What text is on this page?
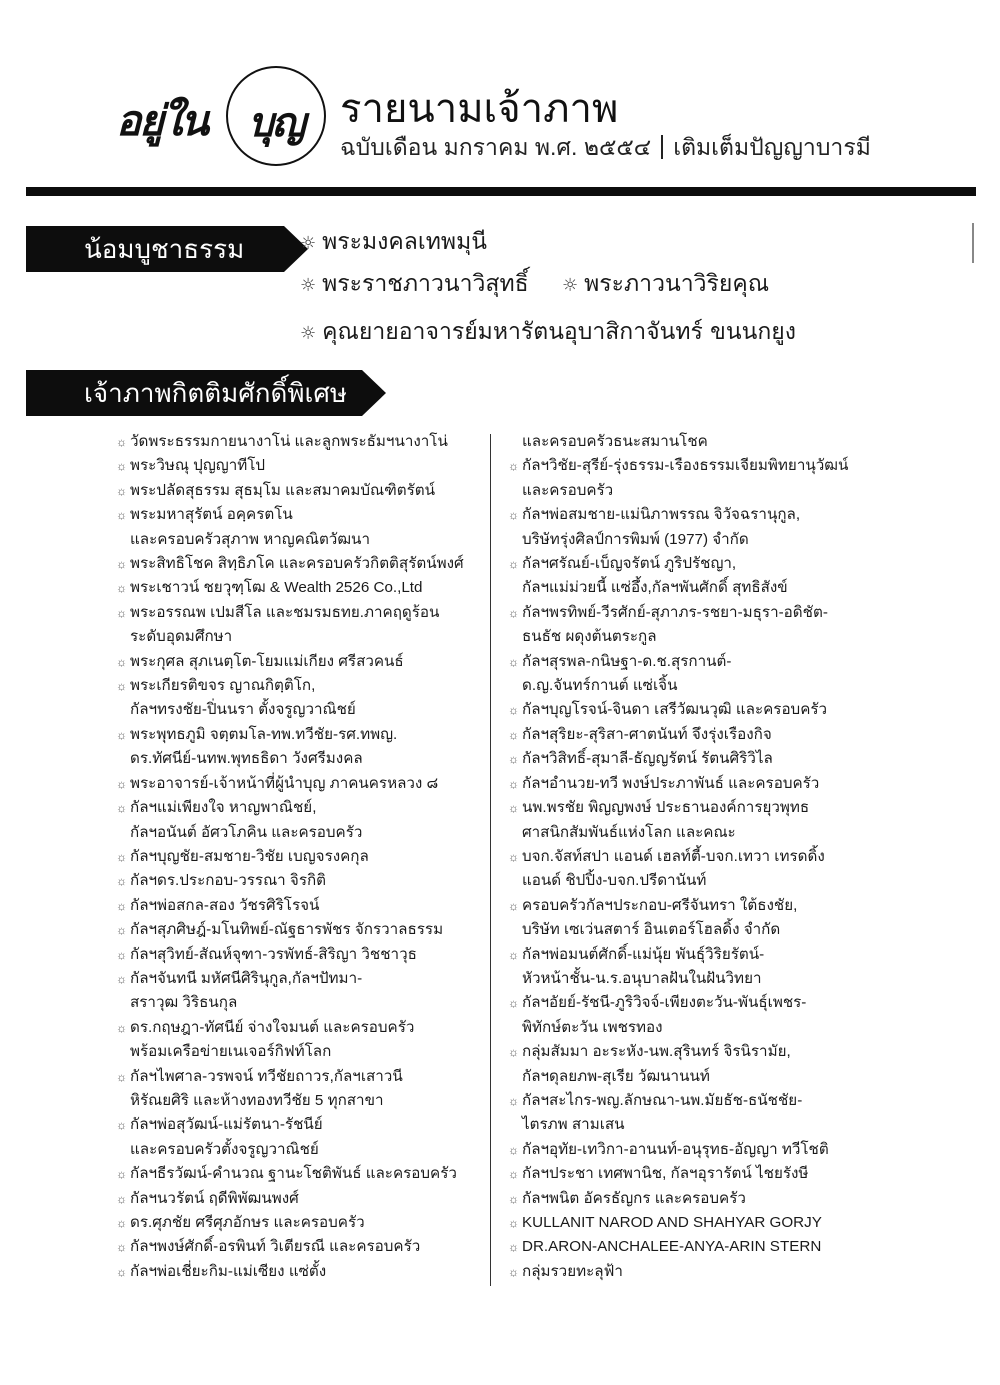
อยู่ใน	บุญ รายนามเจ้าภาพ
ฉบับเดือน มกราคม พ.ศ. ๒๕๕๔ เติมเต็มปัญญาบารมี
น้อมบูชาธรรม	☼ พระมงคลเทพมุนี
☼ พระราชภาวนาวิสุทธิ์ ☼ พระภาวนาวิริยคุณ
☼ คุณยายอาจารย์มหารัตนอุบาสิกาจันทร์ ขนนกยูง
เจ้าภาพกิตติมศักดิ์พิเศษ
☼ วัดพระธรรมกายนางาโน่ และลูกพระธัมฯนางาโน่
☼ พระวิษณุ ปุญญาทีโป
☼ พระปลัดสุธรรม สุธมฺโม และสมาคมบัณฑิตรัตน์
☼ พระมหาสุรัตน์ อคฺครตโน
และครอบครัวสุภาพ หาญคณิตวัฒนา
☼ พระสิทธิโชค สิทฺธิภโค และครอบครัวกิตติสุรัตน์พงศ์
☼ พระเชาวน์ ชยวุฑฺโฒ & Wealth 2526 Co.,Ltd
☼ พระอรรณพ เปมสีโล และชมรมธทย.ภาคฤดูร้อน
ระดับอุดมศึกษา
☼ พระกุศล สุภเนตฺโต-โยมแม่เกียง ศรีสวคนธ์
☼ พระเกียรติขจร ญาณกิตฺติโก,
กัลฯทรงชัย-ปิ่นนรา ตั้งจรูญวาณิชย์
☼ พระพุทธภูมิ จตฺตมโล-ทพ.ทวีชัย-รศ.ทพญ.
ดร.ทัศนีย์-นทพ.พุทธธิดา วังศรีมงคล
☼ พระอาจารย์-เจ้าหน้าที่ผู้นำบุญ ภาคนครหลวง ๘
☼ กัลฯแม่เพียงใจ หาญพาณิชย์,
กัลฯอนันต์ อัศวโภคิน และครอบครัว
☼ กัลฯบุญชัย-สมชาย-วิชัย เบญจรงคกุล
☼ กัลฯดร.ประกอบ-วรรณา จิรกิติ
☼ กัลฯพ่อสกล-สอง วัชรศิริโรจน์
☼ กัลฯสุภศิษฎ์-มโนทิพย์-ณัฐธารพัชร จักรวาลธรรม
☼ กัลฯสุวิทย์-สัณห์จุฑา-วรพัทธ์-สิริญา วิชชาวุธ
☼ กัลฯจันทนี มหัศนีศิรินุกูล,กัลฯปัทมา-
สราวุฒ วิริธนกุล
☼ ดร.กฤษฎา-ทัศนีย์ จ่างใจมนต์ และครอบครัว
พร้อมเครือข่ายเนเจอร์กิฟท์โลก
☼ กัลฯไพศาล-วรพจน์ ทวีชัยถาวร,กัลฯเสาวนี
หิรัณยศิริ และห้างทองทวีชัย 5 ทุกสาขา
☼ กัลฯพ่อสุวัฒน์-แม่รัตนา-รัชนีย์
และครอบครัวตั้งจรูญวาณิชย์
☼ กัลฯธีรวัฒน์-คำนวณ ฐานะโชติพันธ์ และครอบครัว
☼ กัลฯนวรัตน์ ฤดีพิพัฒนพงศ์
☼ ดร.ศุภชัย ศรีศุภอักษร และครอบครัว
☼ กัลฯพงษ์ศักดิ์-อรพินท์ วิเตียรณี และครอบครัว
☼ กัลฯพ่อเชี่ยะกิม-แม่เซียง แซ่ตั้ง
และครอบครัวธนะสมานโชค
☼ กัลฯวิชัย-สุรีย์-รุ่งธรรม-เรืองธรรมเจียมพิทยานุวัฒน์
และครอบครัว
☼ กัลฯพ่อสมชาย-แม่นิภาพรรณ จิวัจฉรานุกูล,
บริษัทรุ่งศิลป์การพิมพ์ (1977) จำกัด
☼ กัลฯศรัณย์-เบ็ญจรัตน์ ภูริปรัชญา,
กัลฯแม่ม่วยนี้ แซ่อึ้ง,กัลฯพันศักดิ์ สุทธิสังข์
☼ กัลฯพรทิพย์-วีรศักย์-สุภาภร-รชยา-มธุรา-อดิชัต-
ธนธัช ผดุงต้นตระกูล
☼ กัลฯสุรพล-กนิษฐา-ด.ช.สุรกานต์-
ด.ญ.จันทร์กานต์ แซ่เจิ้น
☼ กัลฯบุญโรจน์-จินดา เสรีวัฒนวุฒิ และครอบครัว
☼ กัลฯสุริยะ-สุริสา-ศาตนันท์ จึงรุ่งเรืองกิจ
☼ กัลฯวิสิทธิ์-สุมาลี-ธัญญรัตน์ รัตนศิริวิไล
☼ กัลฯอำนวย-ทวี พงษ์ประภาพันธ์ และครอบครัว
☼ นพ.พรชัย พิญญพงษ์ ประธานองค์การยุวพุทธ
ศาสนิกสัมพันธ์แห่งโลก และคณะ
☼ บจก.จัสท์สปา แอนด์ เฮลท์ตี้-บจก.เทวา เทรดดิ้ง
แอนด์ ชิปปิ้ง-บจก.ปรีดานันท์
☼ ครอบครัวกัลฯประกอบ-ศรีจันทรา ใต้ธงชัย,
บริษัท เซเว่นสตาร์ อินเตอร์โฮลดิ้ง จำกัด
☼ กัลฯพ่อมนต์ศักดิ์-แม่นุ้ย พันธุ์วิริยรัตน์-
หัวหน้าชั้น-น.ร.อนุบาลฝันในฝันวิทยา
☼ กัลฯอัยย์-รัชนี-ภูริวิจจ์-เพียงตะวัน-พันธุ์เพชร-
พิทักษ์ตะวัน เพชรทอง
☼ กลุ่มสัมมา อะระหัง-นพ.สุรินทร์ จิรนิรามัย,
กัลฯดุลยภพ-สุเรีย วัฒนานนท์
☼ กัลฯสะไกร-พญ.ลักษณา-นพ.มัยธัช-ธนัชชัย-
ไตรภพ สามเสน
☼ กัลฯอุทัย-เทวิกา-อานนท์-อนุรุทธ-อัญญา ทวีโชติ
☼ กัลฯประชา เทศพานิช, กัลฯอุรารัตน์ ไชยรังษี
☼ กัลฯพนิต อัครธัญกร และครอบครัว
☼ KULLANIT NAROD AND SHAHYAR GORJY
☼ DR.ARON-ANCHALEE-ANYA-ARIN STERN
☼ กลุ่มรวยทะลุฟ้า
